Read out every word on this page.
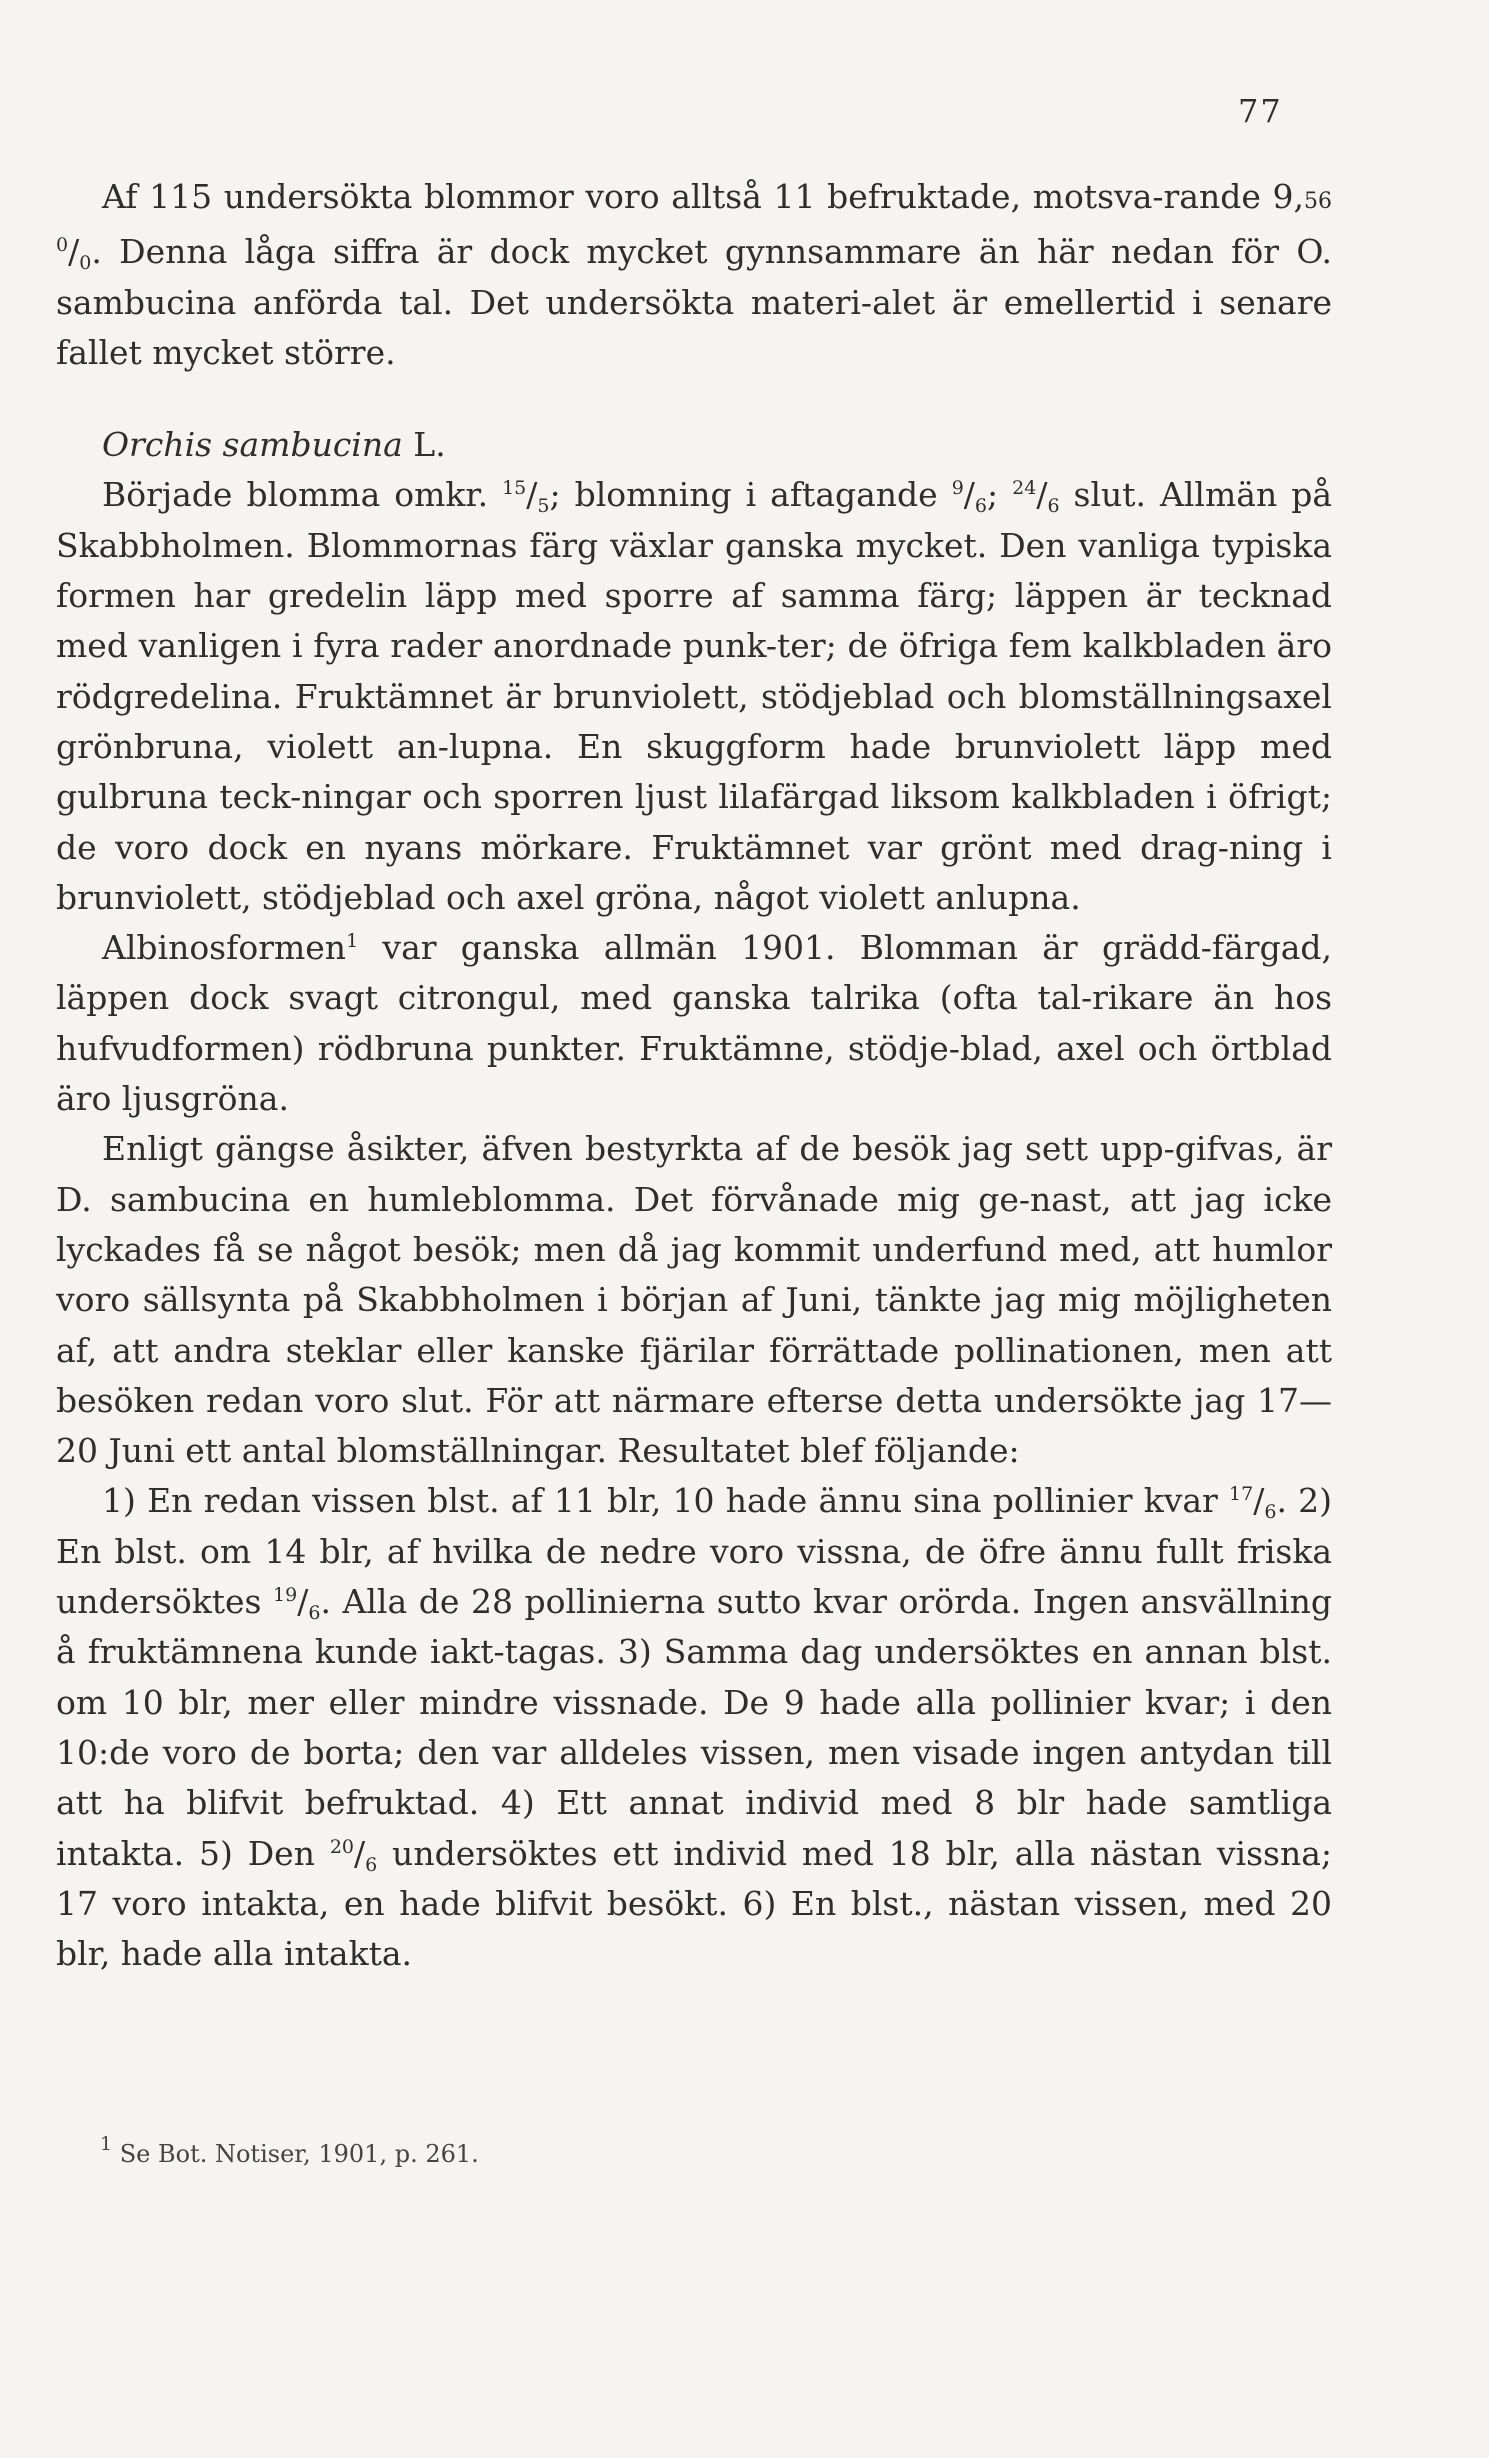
77

Af 115 undersökta blommor voro alltså 11 befruktade, motsva-rande 9,56 $^0/_0$. Denna låga siffra är dock mycket gynnsammare än här nedan för O. sambucina anförda tal. Det undersökta materi-alet är emellertid i senare fallet mycket större.

Orchis sambucina L.

Började blomma omkr. $^{15}/_5$; blomning i aftagande $^9/_6$; $^{24}/_6$ slut. Allmän på Skabbholmen. Blommornas färg växlar ganska mycket. Den vanliga typiska formen har gredelin läpp med sporre af samma färg; läppen är tecknad med vanligen i fyra rader anordnade punk-ter; de öfriga fem kalkbladen äro rödgredelina. Fruktämnet är brunviolett, stödjeblad och blomställningsaxel grönbruna, violett an-lupna. En skuggform hade brunviolett läpp med gulbruna teck-ningar och sporren ljust lilafärgad liksom kalkbladen i öfrigt; de voro dock en nyans mörkare. Fruktämnet var grönt med drag-ning i brunviolett, stödjeblad och axel gröna, något violett anlupna.

Albinosformen$^1$ var ganska allmän 1901. Blomman är grädd-färgad, läppen dock svagt citrongul, med ganska talrika (ofta tal-rikare än hos hufvudformen) rödbruna punkter. Fruktämne, stödje-blad, axel och örtblad äro ljusgröna.

Enligt gängse åsikter, äfven bestyrkta af de besök jag sett upp-gifvas, är D. sambucina en humleblomma. Det förvånade mig ge-nast, att jag icke lyckades få se något besök; men då jag kommit underfund med, att humlor voro sällsynta på Skabbholmen i början af Juni, tänkte jag mig möjligheten af, att andra steklar eller kanske fjärilar förrättade pollinationen, men att besöken redan voro slut. För att närmare efterse detta undersökte jag 17—20 Juni ett antal blomställningar. Resultatet blef följande:

1) En redan vissen blst. af 11 blr, 10 hade ännu sina pollinier kvar $^{17}/_6$. 2) En blst. om 14 blr, af hvilka de nedre voro vissna, de öfre ännu fullt friska undersöktes $^{19}/_6$. Alla de 28 pollinierna sutto kvar orörda. Ingen ansvällning å fruktämnena kunde iakt-tagas. 3) Samma dag undersöktes en annan blst. om 10 blr, mer eller mindre vissnade. De 9 hade alla pollinier kvar; i den 10:de voro de borta; den var alldeles vissen, men visade ingen antydan till att ha blifvit befruktad. 4) Ett annat individ med 8 blr hade samtliga intakta. 5) Den $^{20}/_6$ undersöktes ett individ med 18 blr, alla nästan vissna; 17 voro intakta, en hade blifvit besökt. 6) En blst., nästan vissen, med 20 blr, hade alla intakta.

$^1$ Se Bot. Notiser, 1901, p. 261.
